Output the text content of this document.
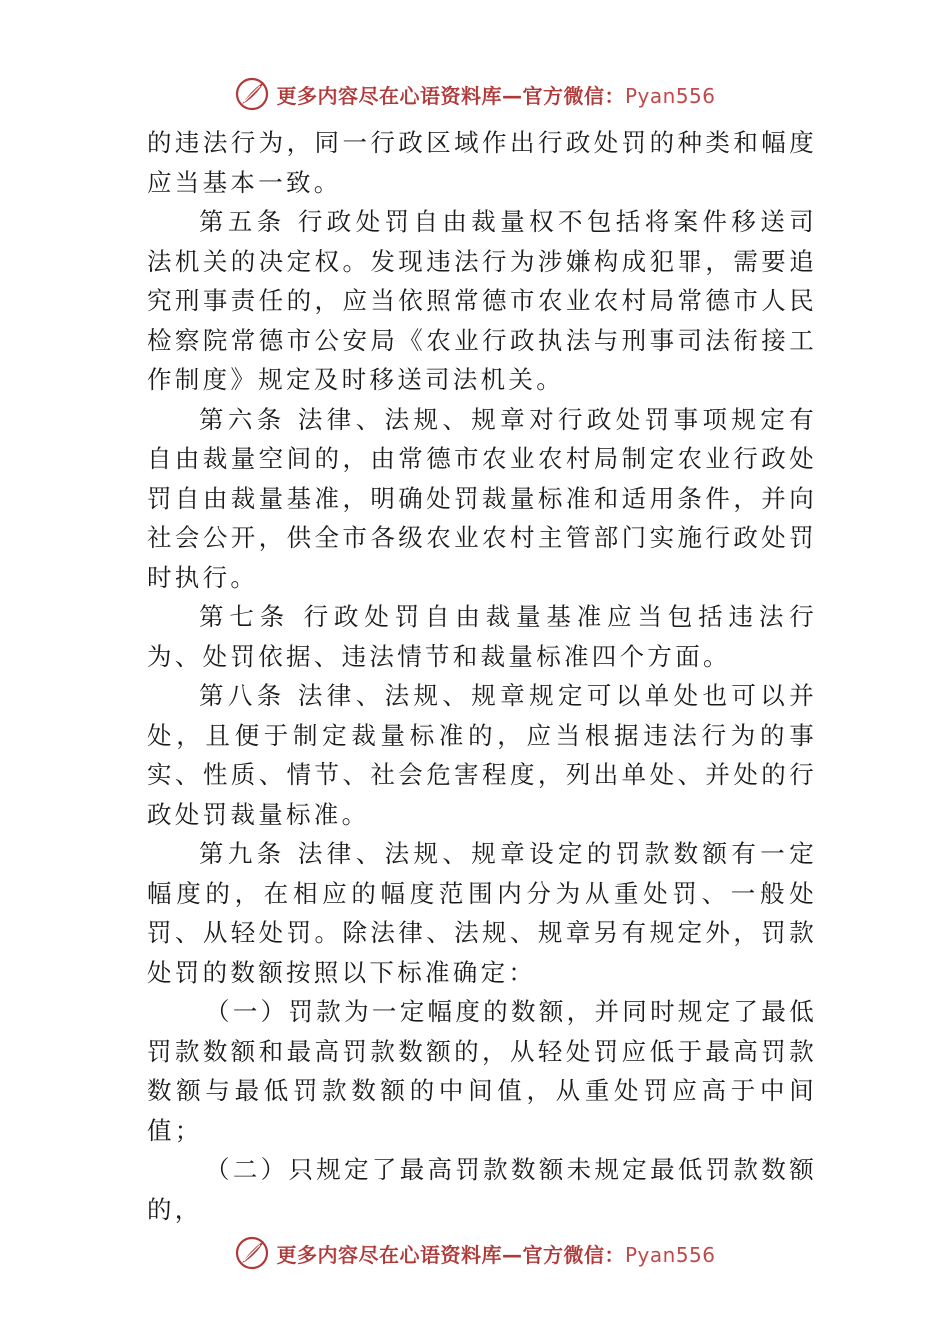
更多内容尽在心语资料库—官方微信：Pyan556

的违法行为，同一行政区域作出行政处罚的种类和幅度应当基本一致。

第五条 行政处罚自由裁量权不包括将案件移送司法机关的决定权。发现违法行为涉嫌构成犯罪，需要追究刑事责任的，应当依照常德市农业农村局常德市人民检察院常德市公安局《农业行政执法与刑事司法衔接工作制度》规定及时移送司法机关。

第六条 法律、法规、规章对行政处罚事项规定有自由裁量空间的，由常德市农业农村局制定农业行政处罚自由裁量基准，明确处罚裁量标准和适用条件，并向社会公开，供全市各级农业农村主管部门实施行政处罚时执行。

第七条 行政处罚自由裁量基准应当包括违法行为、处罚依据、违法情节和裁量标准四个方面。

第八条 法律、法规、规章规定可以单处也可以并处，且便于制定裁量标准的，应当根据违法行为的事实、性质、情节、社会危害程度，列出单处、并处的行政处罚裁量标准。

第九条 法律、法规、规章设定的罚款数额有一定幅度的，在相应的幅度范围内分为从重处罚、一般处罚、从轻处罚。除法律、法规、规章另有规定外，罚款处罚的数额按照以下标准确定：

（一）罚款为一定幅度的数额，并同时规定了最低罚款数额和最高罚款数额的，从轻处罚应低于最高罚款数额与最低罚款数额的中间值，从重处罚应高于中间值；

（二）只规定了最高罚款数额未规定最低罚款数额的，

更多内容尽在心语资料库—官方微信：Pyan556
